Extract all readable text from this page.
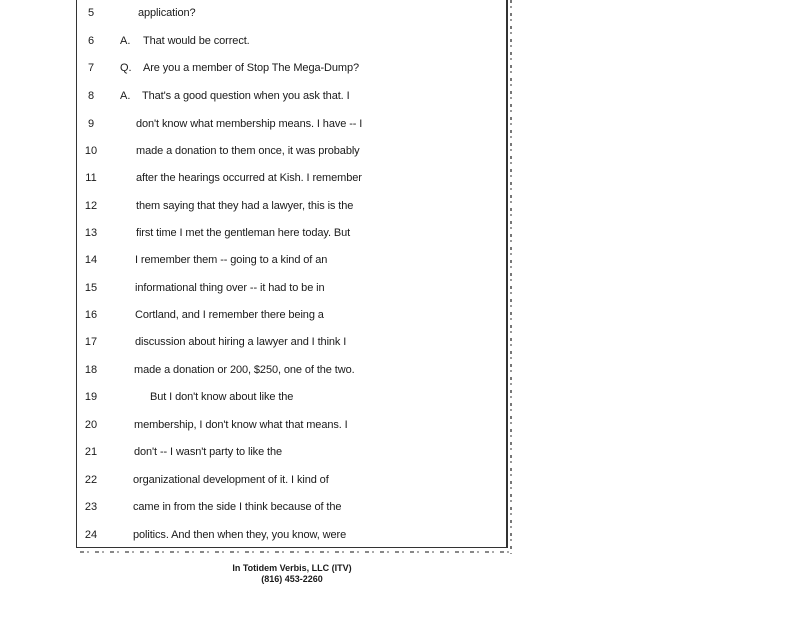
5	application?
6	A. That would be correct.
7	Q. Are you a member of Stop The Mega-Dump?
8	A. That's a good question when you ask that. I
9	don't know what membership means. I have -- I
10	made a donation to them once, it was probably
11	after the hearings occurred at Kish. I remember
12	them saying that they had a lawyer, this is the
13	first time I met the gentleman here today. But
14	I remember them -- going to a kind of an
15	informational thing over -- it had to be in
16	Cortland, and I remember there being a
17	discussion about hiring a lawyer and I think I
18	made a donation or 200, $250, one of the two.
19	But I don't know about like the
20	membership, I don't know what that means. I
21	don't -- I wasn't party to like the
22	organizational development of it. I kind of
23	came in from the side I think because of the
24	politics. And then when they, you know, were
In Totidem Verbis, LLC (ITV)
(816) 453-2260
